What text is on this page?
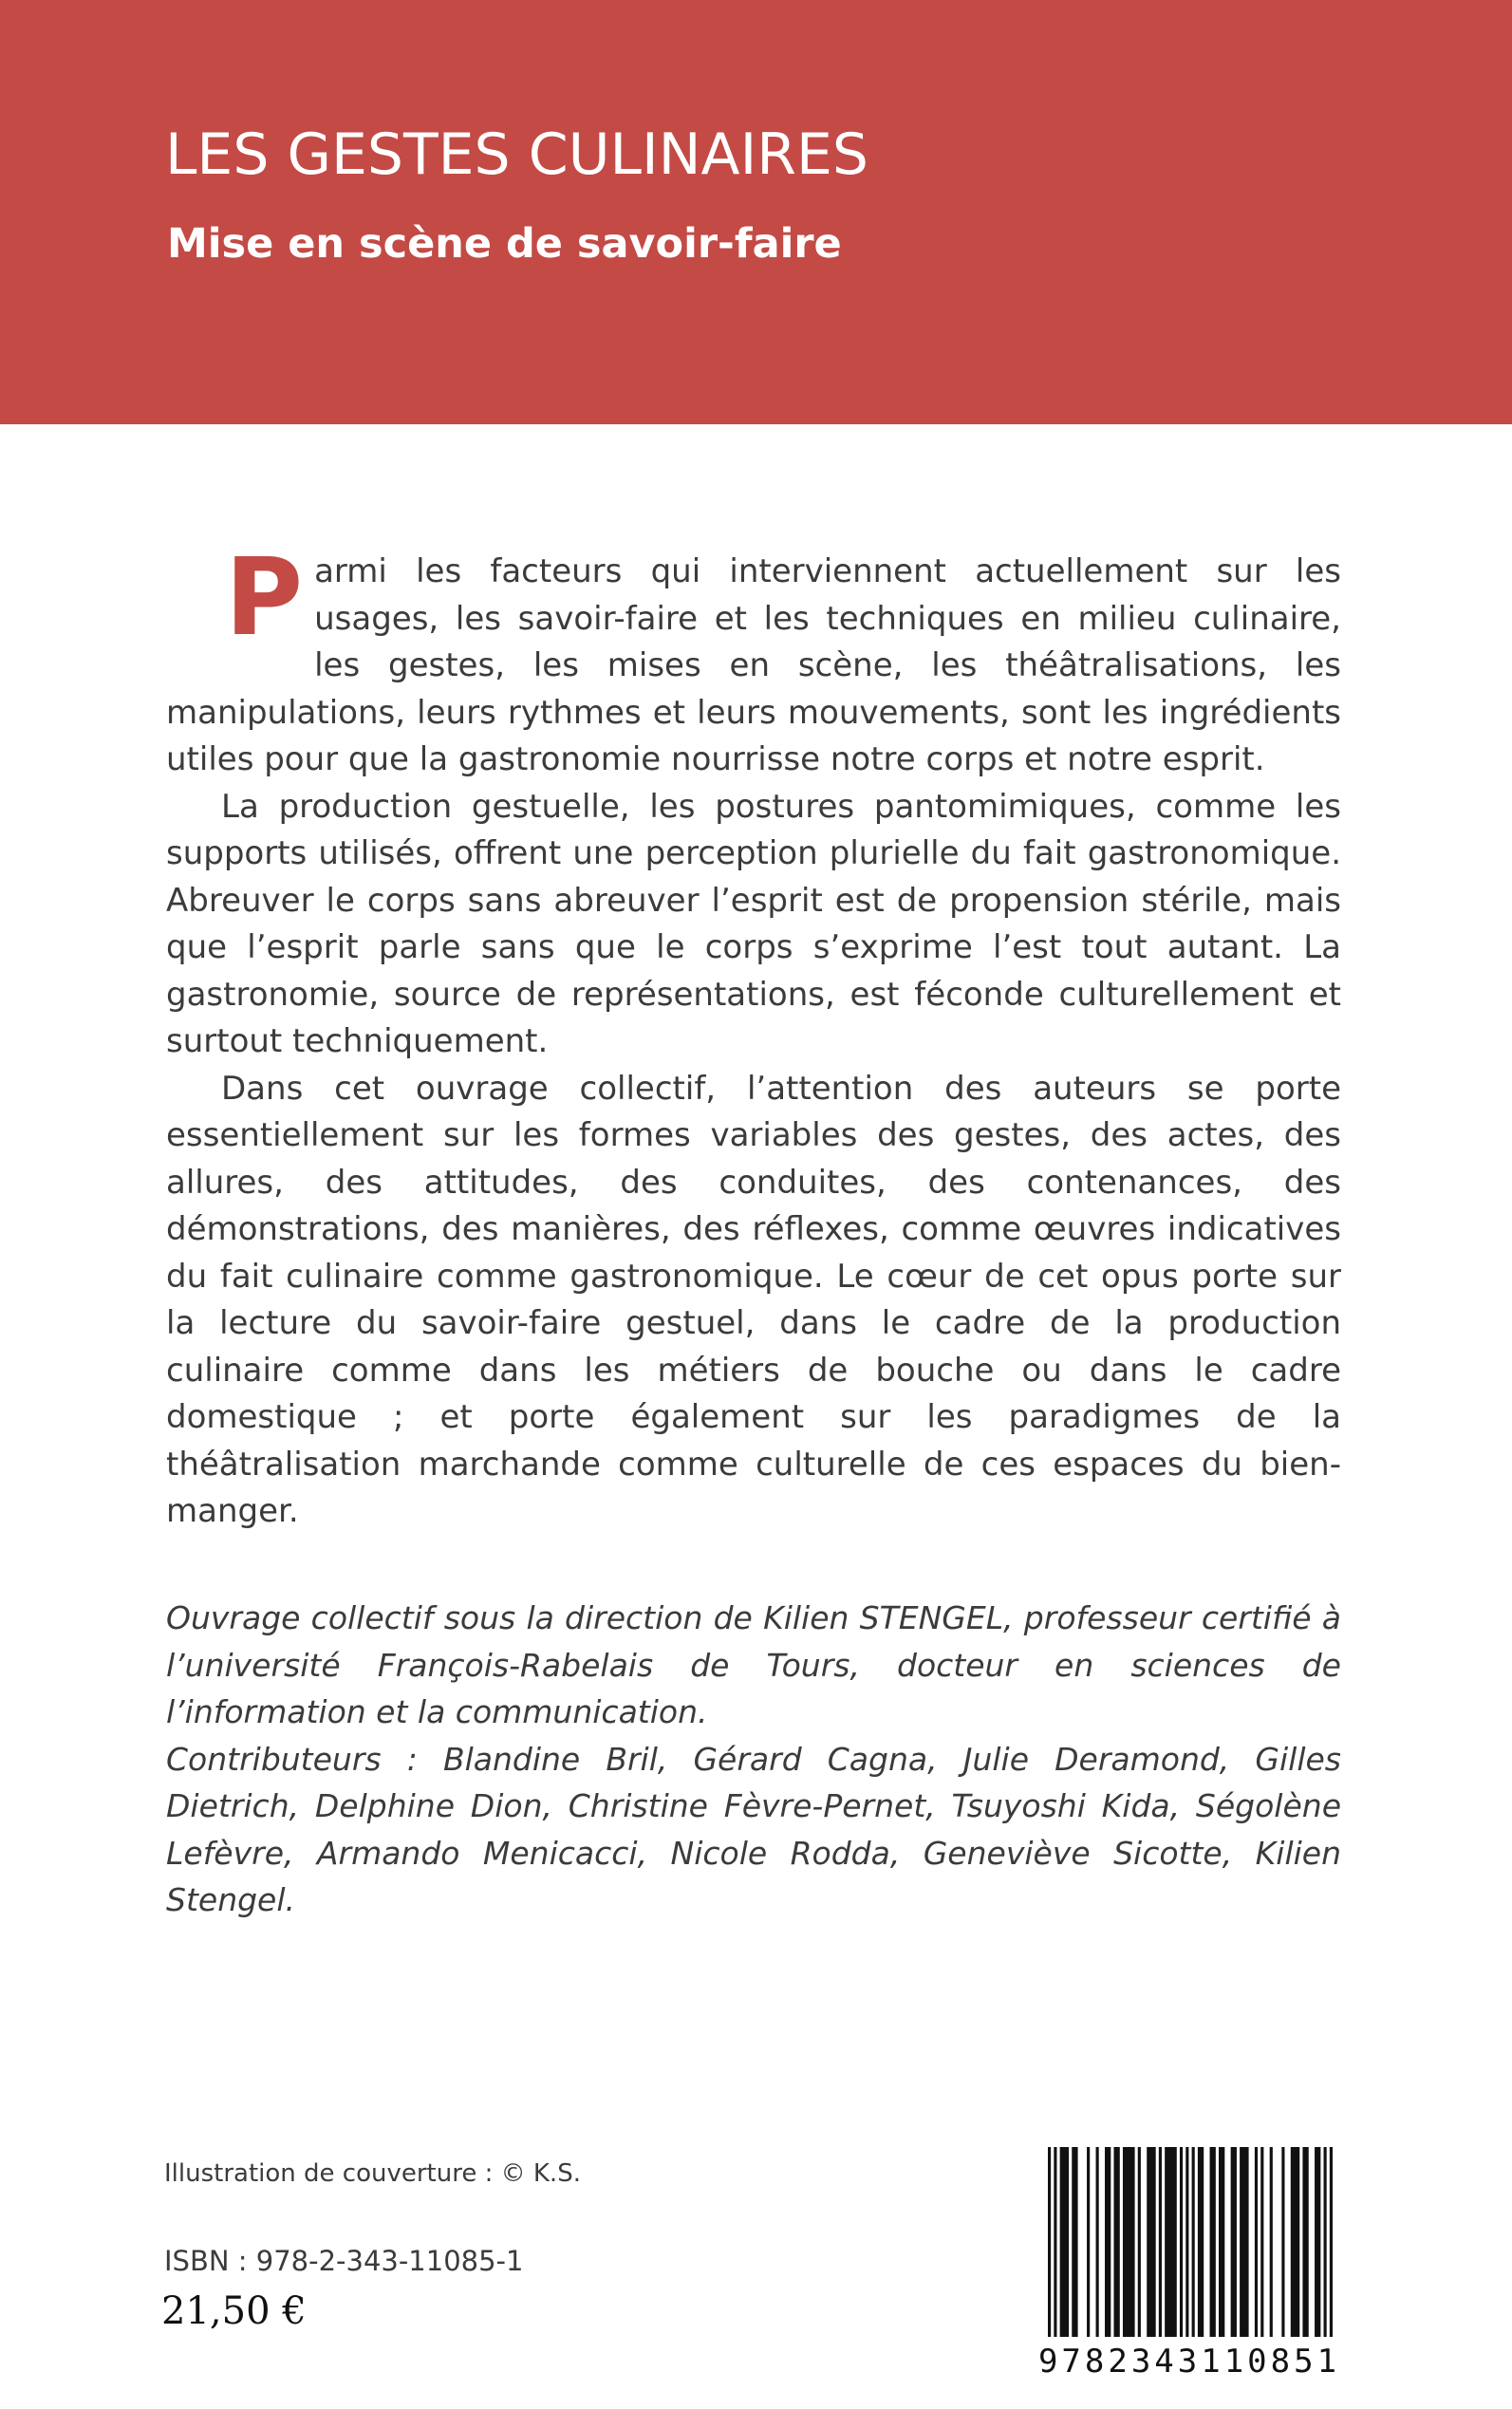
LES GESTES CULINAIRES
Mise en scène de savoir-faire

Parmi les facteurs qui interviennent actuellement sur les usages, les savoir-faire et les techniques en milieu culinaire, les gestes, les mises en scène, les théâtralisations, les manipulations, leurs rythmes et leurs mouvements, sont les ingrédients utiles pour que la gastronomie nourrisse notre corps et notre esprit.

La production gestuelle, les postures pantomimiques, comme les supports utilisés, offrent une perception plurielle du fait gastronomique. Abreuver le corps sans abreuver l’esprit est de propension stérile, mais que l’esprit parle sans que le corps s’exprime l’est tout autant. La gastronomie, source de représentations, est féconde culturellement et surtout techniquement.

Dans cet ouvrage collectif, l’attention des auteurs se porte essentiellement sur les formes variables des gestes, des actes, des allures, des attitudes, des conduites, des contenances, des démonstrations, des manières, des réflexes, comme œuvres indicatives du fait culinaire comme gastronomique. Le cœur de cet opus porte sur la lecture du savoir-faire gestuel, dans le cadre de la production culinaire comme dans les métiers de bouche ou dans le cadre domestique ; et porte également sur les paradigmes de la théâtralisation marchande comme culturelle de ces espaces du bien-manger.

Ouvrage collectif sous la direction de Kilien STENGEL, professeur certifié à l’université François-Rabelais de Tours, docteur en sciences de l’information et la communication.

Contributeurs : Blandine Bril, Gérard Cagna, Julie Deramond, Gilles Dietrich, Delphine Dion, Christine Fèvre-Pernet, Tsuyoshi Kida, Ségolène Lefèvre, Armando Menicacci, Nicole Rodda, Geneviève Sicotte, Kilien Stengel.

Illustration de couverture : © K.S.
ISBN : 978-2-343-11085-1
21,50 €
9782343110851
